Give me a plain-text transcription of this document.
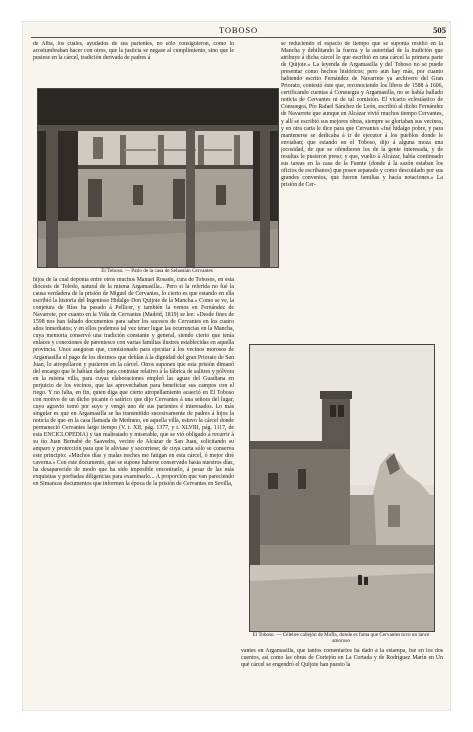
TOBOSO	505

de Alba, los cuales, ayudados de sus parientes, no sólo consiguieron, como lo acostumbraban hacer con otros, que la justicia se negase al cumplimiento, sino que le pusiese en la cárcel, tradición derivada de padres á

El Toboso. — Patio de la casa de Sebastián Cervantes

hijos de la cual deponía entre otros muchos Manuel Rosado, cura de Tobosos, en esta diócesis de Toledo, natural de la misma Argamasilla... Pero si la referida no fué la causa verdadera de la prisión de Miguel de Cervantes, lo cierto es que estando en ella escribió la historia del Ingenioso Hidalgo Don Quijote de la Mancha.» Como se ve, la conjetura de Ríos ha pasado á Pellicer, y también la vemos en Fernández de Navarrete, por cuanto en la Vida de Cervantes (Madrid, 1819) se lee: «Desde fines de 1598 nos han faltado documentos para saber los sucesos de Cervantes en los cuatro años inmediatos; y en ellos podemos tal vez tener lugar las ocurrencias en la Mancha, cuya memoria conservó una tradición constante y general, siendo cierto que tenía enlaces y conexiones de parentesco con varias familias ilustres establecidas en aquella provincia. Unos aseguran que, comisionado para ejecutar á los vecinos morosos de Argamasilla el pago de los diezmos que debían á la dignidad del gran Priorato de San Juan, lo atropellaron y pusieron en la cárcel. Otros suponen que esta prisión dimanó del encargo que le habían dado para contratar relativo á la fábrica de salitres y pólvora en la misma villa, para cuyas elaboraciones empleó las aguas del Guadiana en perjuicio de los vecinos, que las aprovechaban para beneficiar sus campos con el riego. Y no falta, en fin, quien diga que cierto atropellamiento acaeció en El Toboso con motivo de un dicho picante ó satírico que dijo Cervantes á una señora del lugar, cuyo agravio tomó por suyo y vengó uno de sus parientes é interesados. Lo más singular es que en Argamasilla se ha transmitido sucesivamente de padres á hijos la noticia de que en la casa llamada de Medrano, en aquella villa, estuvo la cárcel donde permaneció Cervantes largo tiempo (V. t. XII, pág. 1377, y t. XLVIII, pág. 1117, de esta ENCICLOPEDIA) y tan maltratado y miserable, que se vió obligado á recurrir á su tío Juan Bernabé de Saavedra, vecino de Alcázar de San Juan, solicitando su amparo y protección para que le aliviase y socorriese; de cuya carta sólo se conserva este principio: «Muchos días y malas noches me fatigan en esta cárcel, ó mejor diré caverna.» Con este documento, que se supone haberse conservado hasta nuestros días, ha desaparecido de modo que ha sido imposible encontrarlo, á pesar de las más exquisitas y porfiadas diligencias para examinarlo... A proporción que van pareciendo en Simancas documentos que informen la época de la prisión de Cervantes en Sevilla,

se reduciendo el espacio de tiempo que se suponía residió en la Mancha y debilitando la fuerza y la autoridad de la tradición que atribuye á dicha cárcel lo que escribió en una cárcel la primera parte de Quijote.» La leyenda de Argamasilla y del Toboso no se puede presentar como hechos históricos; pero aun hay más, por cuanto habiendo escrito Fernández de Navarrete ya archivero del Gran Priorato, contestó éste que, reconociendo los libros de 1588 á 1606, certificando cuentas á Consuegra y Argamasilla, no se había hallado noticia de Cervantes ni de tal comisión. El vicario eclesiástico de Consuegra, Pío Rafael Sánchez de León, escribió al dicho Fernández de Navarrete que aunque en Alcázar vivió muchos tiempo Cervantes, y allí se escribió sus mejores obras, siempre se gloriaban sus vecinos, y en otra carta le dice para que Cervantes «fué hidalgo pobre, y para mantenerse se dedicaba á ir de ejecutor á los pueblos donde le enviaban; que estando en el Toboso, dijo á alguna moza una jocosidad, de que se ofendieron los de la gente interesada, y de resultas le pusieron preso; y que, vuelto á Alcázar, había continuado sus tareas en la casa de la Fuente (donde á la sazón estaban los oficios de escribanos) que posee separado y como descuidado por sus grandes convenios, que fueron familias y hacía notaciones.» La prisión de Cer-

El Toboso. — Célebre callejón de Mofla, donde es fama que Cervantes tuvo un lance amoroso

vantes en Argamasilla, que tantos comentarios ha dado á la estampa, fué en los dos cuentos, así como las obras de Cortejón en La Cortada y de Rodríguez Marín en Un qué cárcel se engendró el Quijote han puesto la
